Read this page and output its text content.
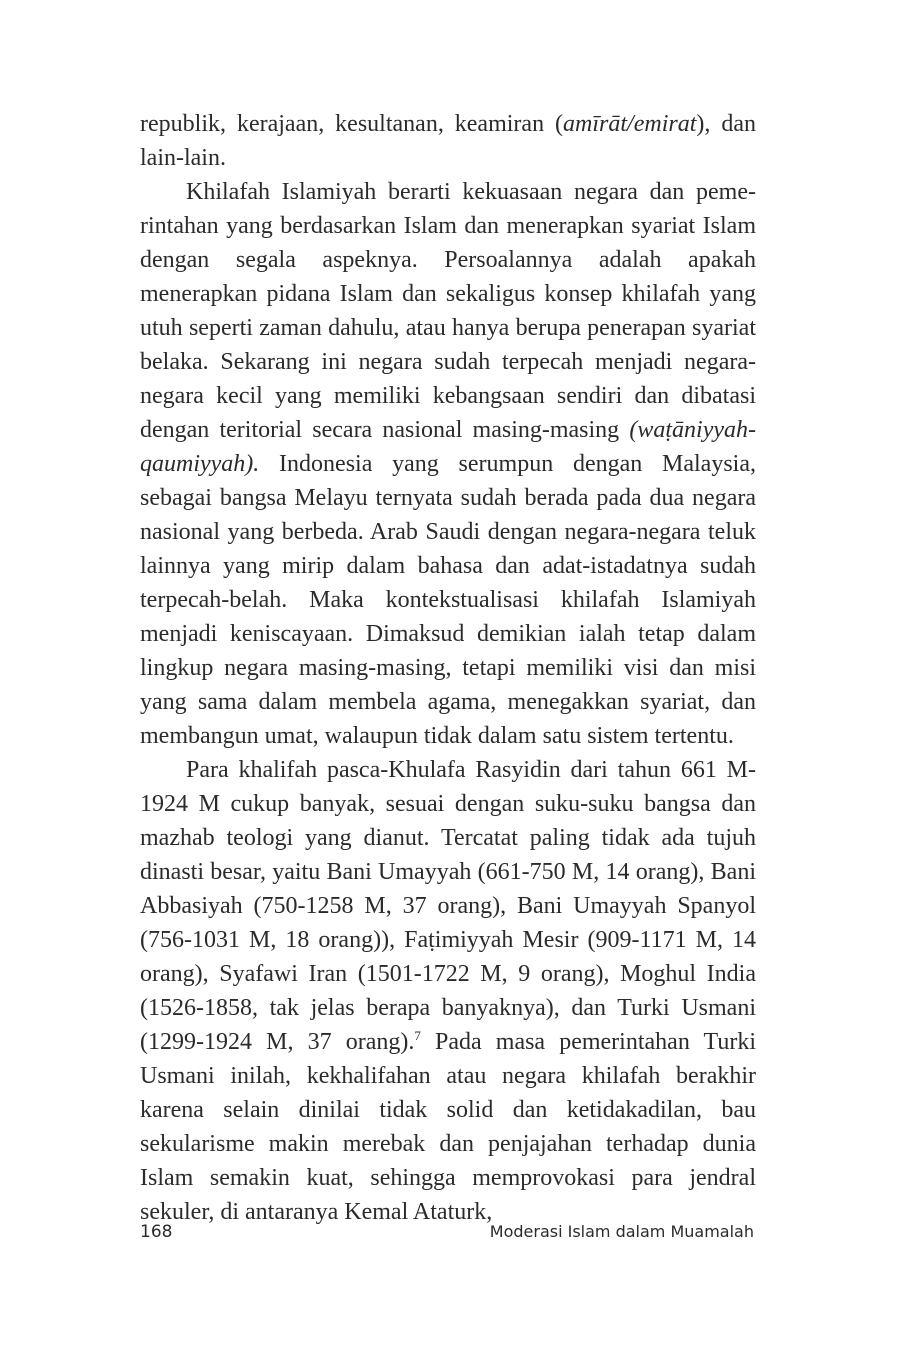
republik, kerajaan, kesultanan, keamiran (amīrāt/emirat), dan lain-lain.

Khilafah Islamiyah berarti kekuasaan negara dan pemerintahan yang berdasarkan Islam dan menerapkan syariat Islam dengan segala aspeknya. Persoalannya adalah apakah menerapkan pidana Islam dan sekaligus konsep khilafah yang utuh seperti zaman dahulu, atau hanya berupa penerapan syariat belaka. Sekarang ini negara sudah terpecah menjadi negara-negara kecil yang memiliki kebangsaan sendiri dan dibatasi dengan teritorial secara nasional masing-masing (waṭāniyyah-qaumiyyah). Indonesia yang serumpun dengan Malaysia, sebagai bangsa Melayu ternyata sudah berada pada dua negara nasional yang berbeda. Arab Saudi dengan negara-negara teluk lainnya yang mirip dalam bahasa dan adat-istadatnya sudah terpecah-belah. Maka kontekstualisasi khilafah Islamiyah menjadi keniscayaan. Dimaksud demikian ialah tetap dalam lingkup negara masing-masing, tetapi memiliki visi dan misi yang sama dalam membela agama, menegakkan syariat, dan membangun umat, walaupun tidak dalam satu sistem tertentu.

Para khalifah pasca-Khulafa Rasyidin dari tahun 661 M-1924 M cukup banyak, sesuai dengan suku-suku bangsa dan mazhab teologi yang dianut. Tercatat paling tidak ada tujuh dinasti besar, yaitu Bani Umayyah (661-750 M, 14 orang), Bani Abbasiyah (750-1258 M, 37 orang), Bani Umayyah Spanyol (756-1031 M, 18 orang)), Faṭimiyyah Mesir (909-1171 M, 14 orang), Syafawi Iran (1501-1722 M, 9 orang), Moghul India (1526-1858, tak jelas berapa banyaknya), dan Turki Usmani (1299-1924 M, 37 orang).$^7$ Pada masa pemerintahan Turki Usmani inilah, kekhalifahan atau negara khilafah berakhir karena selain dinilai tidak solid dan ketidakadilan, bau sekularisme makin merebak dan penjajahan terhadap dunia Islam semakin kuat, sehingga memprovokasi para jendral sekuler, di antaranya Kemal Ataturk,

168	Moderasi Islam dalam Muamalah
